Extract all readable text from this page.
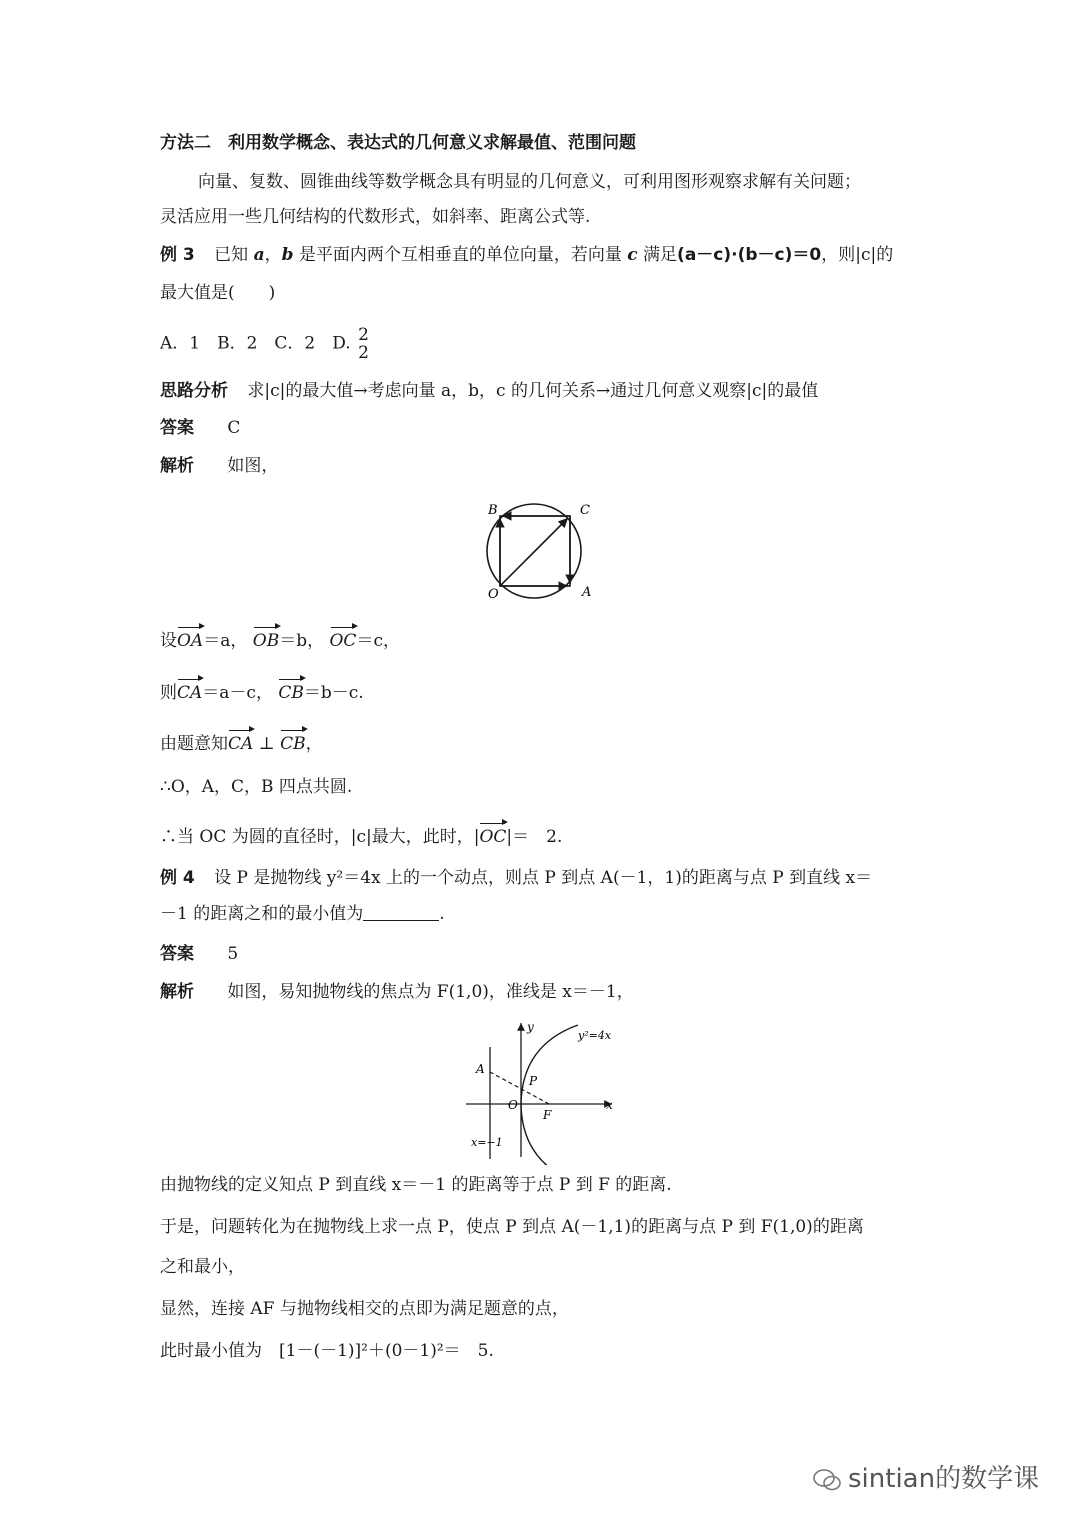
方法二　利用数学概念、表达式的几何意义求解最值、范围问题
向量、复数、圆锥曲线等数学概念具有明显的几何意义，可利用图形观察求解有关问题；
灵活应用一些几何结构的代数形式，如斜率、距离公式等.
例 3 已知 a，b 是平面内两个互相垂直的单位向量，若向量 c 满足(a－c)·(b－c)＝0，则|c|的
最大值是(　　)
A．1　B．2　C．2　D. 2
2
思路分析 求|c|的最大值→考虑向量 a，b，c 的几何关系→通过几何意义观察|c|的最值
答案 C
解析 如图，
B	C
O	A
设OA＝a， OB＝b， OC＝c，
则CA＝a－c， CB＝b－c.
由题意知CA ⊥ CB，
∴O，A，C，B 四点共圆.
∴当 OC 为圆的直径时，|c|最大，此时，|OC|＝　2.
例 4 设 P 是抛物线 y²＝4x 上的一个动点，则点 P 到点 A(－1，1)的距离与点 P 到直线 x＝
－1 的距离之和的最小值为	.
答案 5
解析 如图，易知抛物线的焦点为 F(1,0)，准线是 x＝－1，
y
y²=4x
A
P
O
F
x
x=−1
由抛物线的定义知点 P 到直线 x＝－1 的距离等于点 P 到 F 的距离.
于是，问题转化为在抛物线上求一点 P，使点 P 到点 A(－1,1)的距离与点 P 到 F(1,0)的距离
之和最小，
显然，连接 AF 与抛物线相交的点即为满足题意的点，
此时最小值为　[1－(－1)]²＋(0－1)²＝　5.
sintian的数学课
